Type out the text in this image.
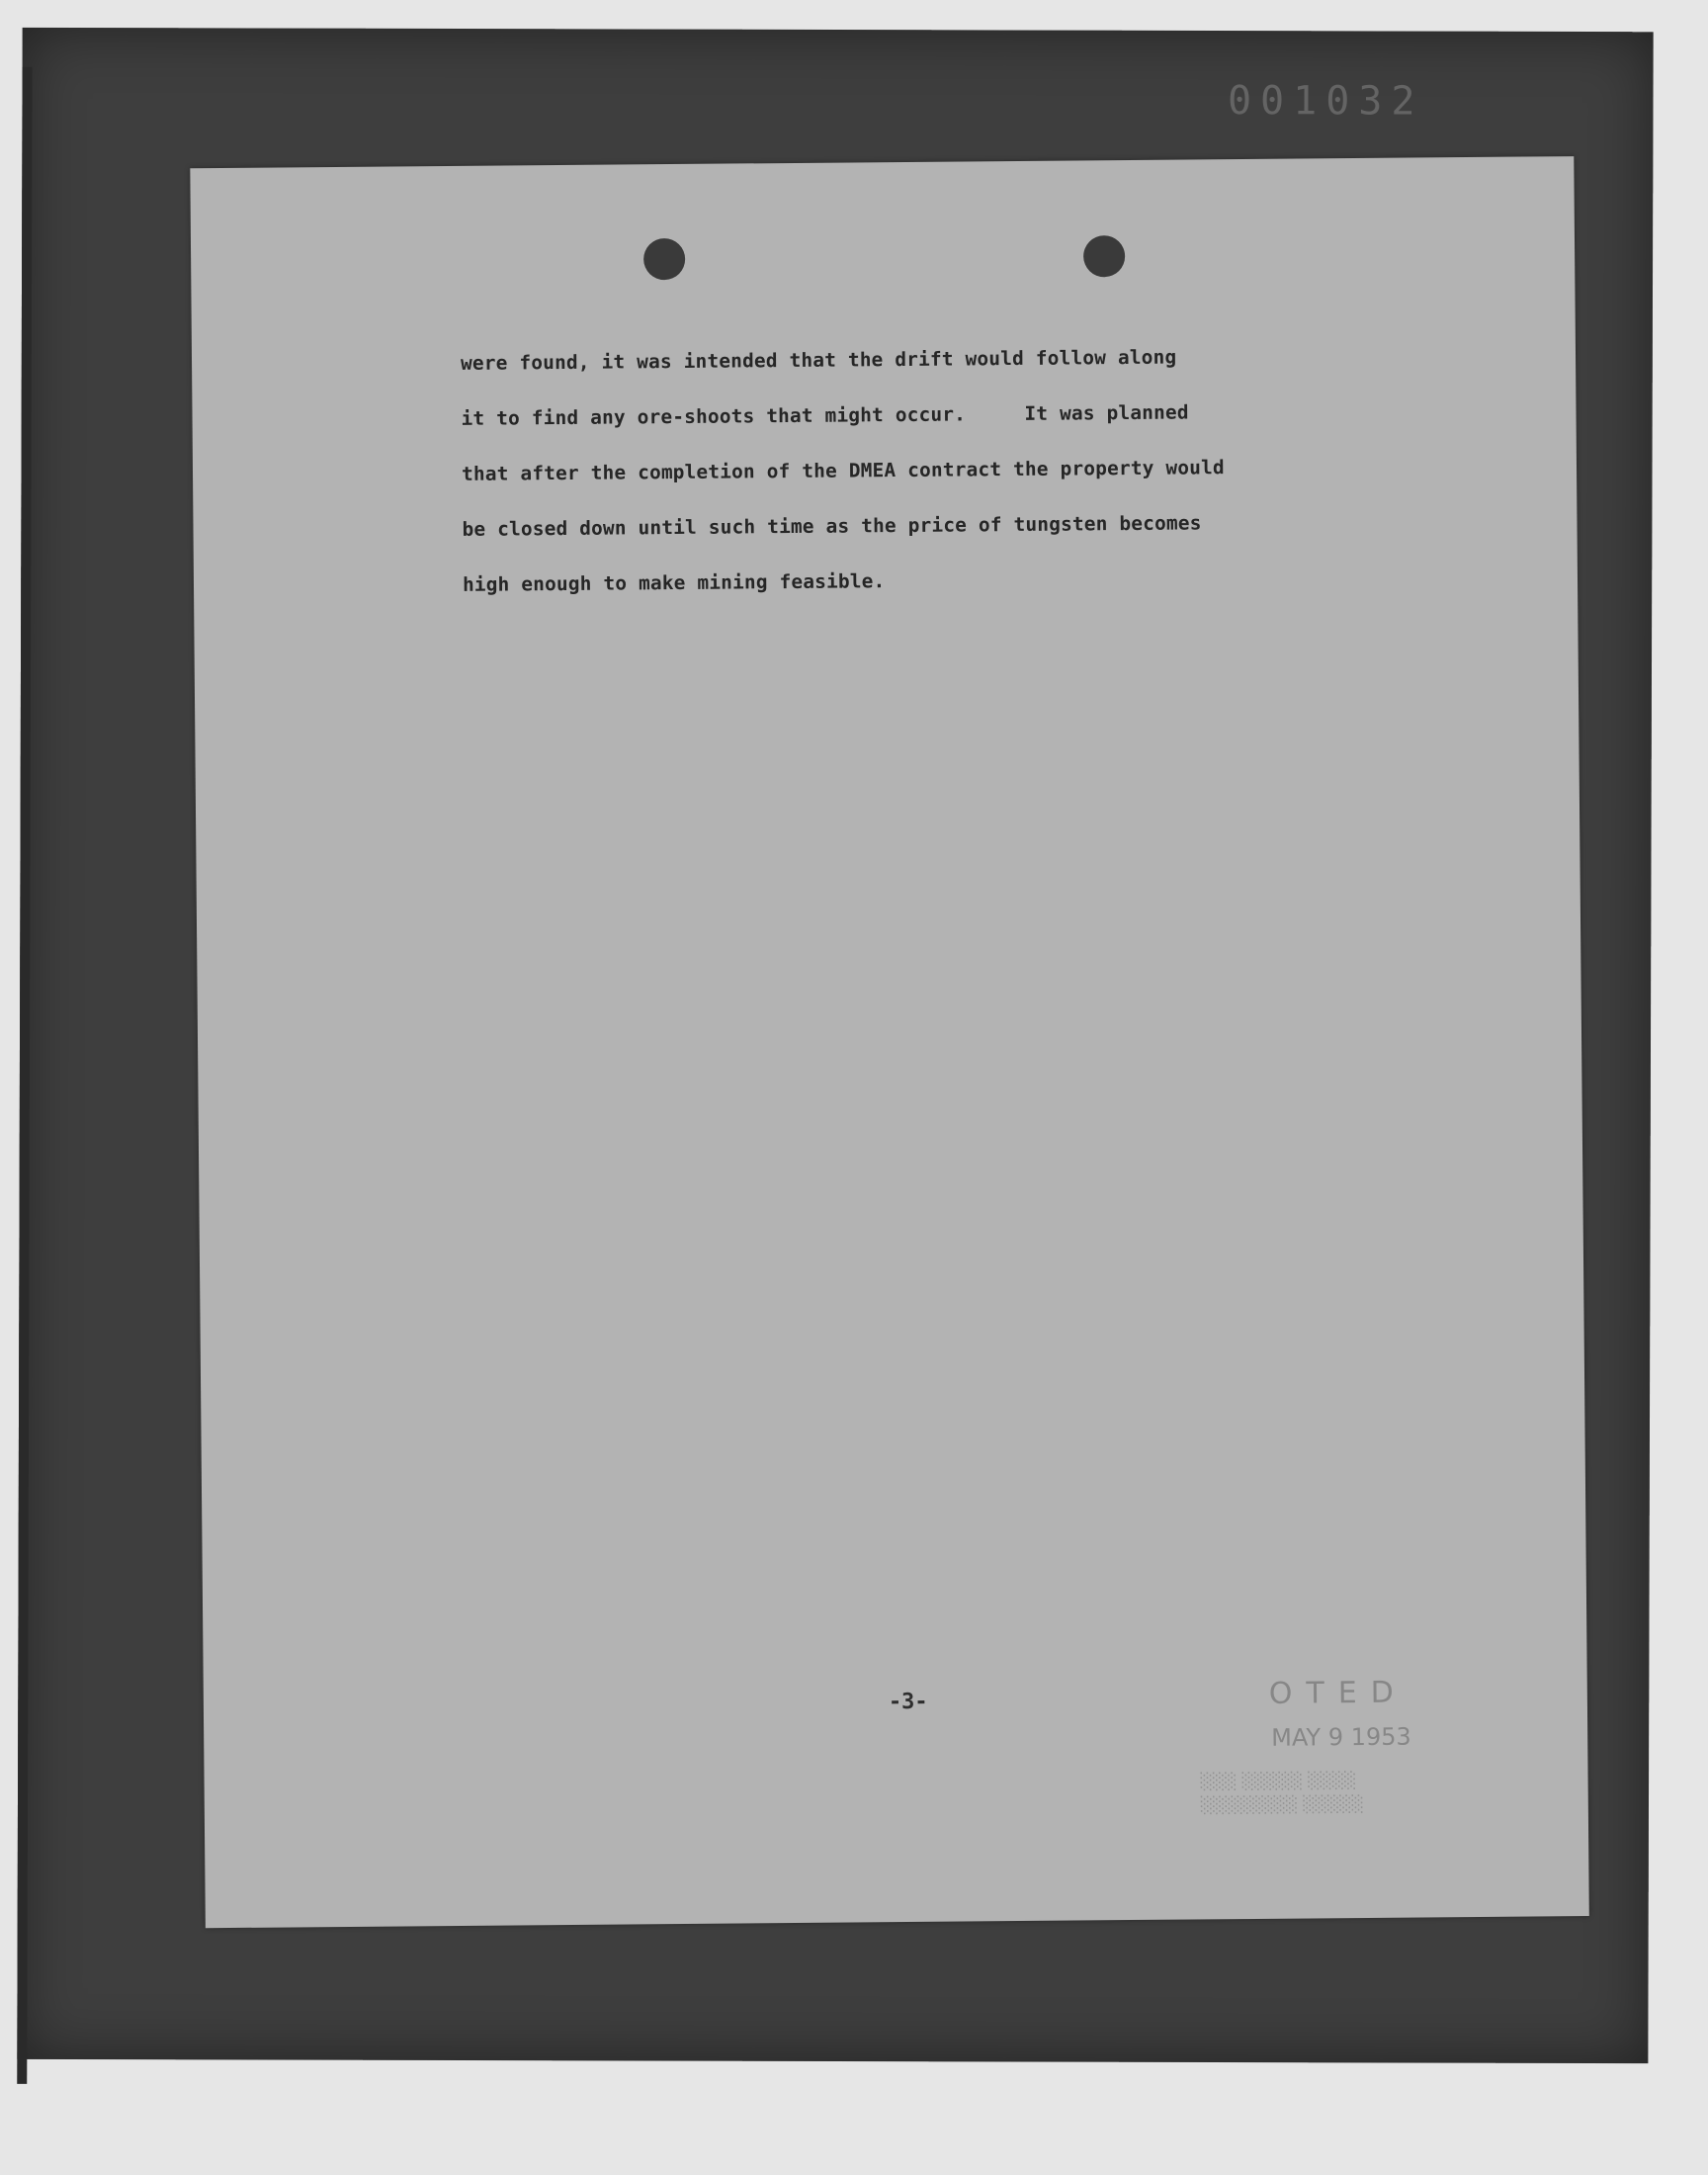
001032
were found, it was intended that the drift would follow along
it to find any ore-shoots that might occur.     It was planned
that after the completion of the DMEA contract the property would
be closed down until such time as the price of tungsten becomes
high enough to make mining feasible.
-3-	OTED
MAY 9 1953
░░░ ░░░░░ ░░░░
░░░░░░░░ ░░░░░
